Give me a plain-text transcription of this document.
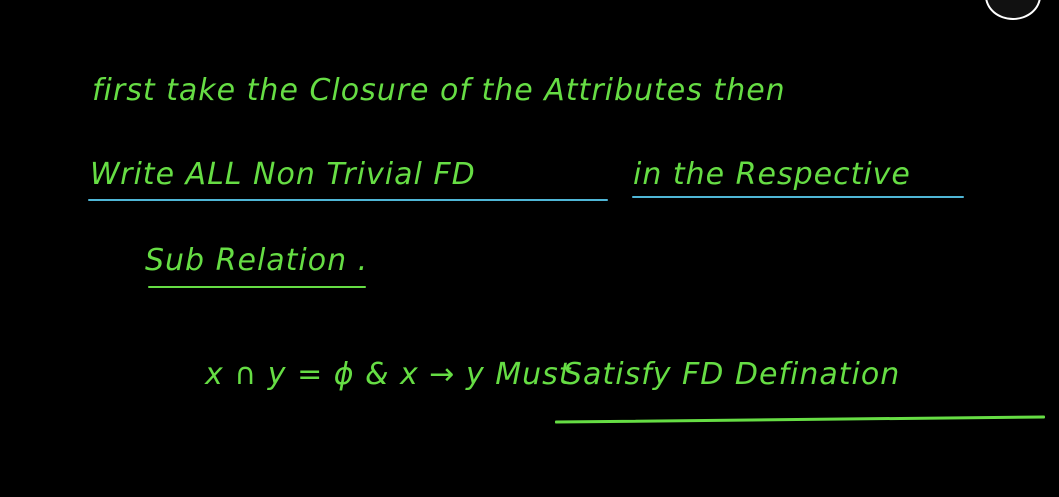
first take the Closure of the Attributes then
Write ALL Non Trivial FD	in the Respective
Sub Relation .
x ∩ y = ϕ & x → y Must
Satisfy FD Defination
